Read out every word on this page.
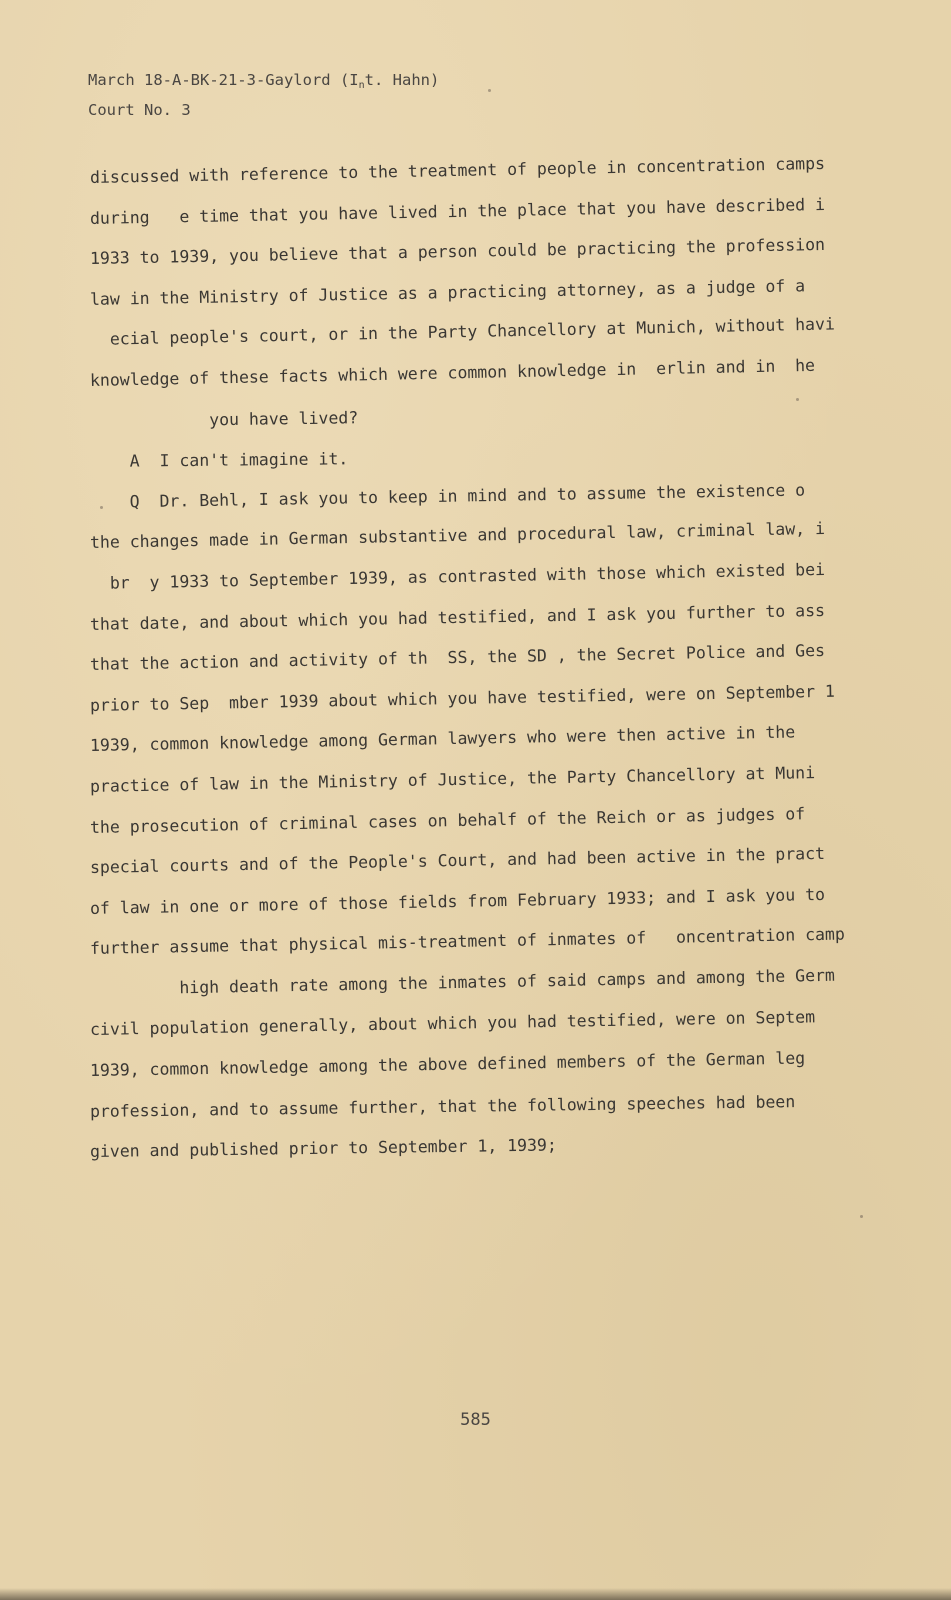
March 18-A-BK-21-3-Gaylord ($I_nt$. Hahn)
Court No. 3
discussed with reference to the treatment of people in concentration camps
during   e time that you have lived in the place that you have described i
1933 to 1939, you believe that a person could be practicing the profession
law in the Ministry of Justice as a practicing attorney, as a judge of a
ecial people's court, or in the Party Chancellory at Munich, without havi
knowledge of these facts which were common knowledge in  erlin and in  he
you have lived?
A  I can't imagine it.
Q  Dr. Behl, I ask you to keep in mind and to assume the existence o
the changes made in German substantive and procedural law, criminal law, i
br  y 1933 to September 1939, as contrasted with those which existed bei
that date, and about which you had testified, and I ask you further to ass
that the action and activity of th  SS, the SD , the Secret Police and Ges
prior to Sep  mber 1939 about which you have testified, were on September 1
1939, common knowledge among German lawyers who were then active in the
practice of law in the Ministry of Justice, the Party Chancellory at Muni
the prosecution of criminal cases on behalf of the Reich or as judges of
special courts and of the People's Court, and had been active in the pract
of law in one or more of those fields from February 1933; and I ask you to
further assume that physical mis-treatment of inmates of   oncentration camp
high death rate among the inmates of said camps and among the Germ
civil population generally, about which you had testified, were on Septem
1939, common knowledge among the above defined members of the German leg
profession, and to assume further, that the following speeches had been
given and published prior to September 1, 1939;
585
